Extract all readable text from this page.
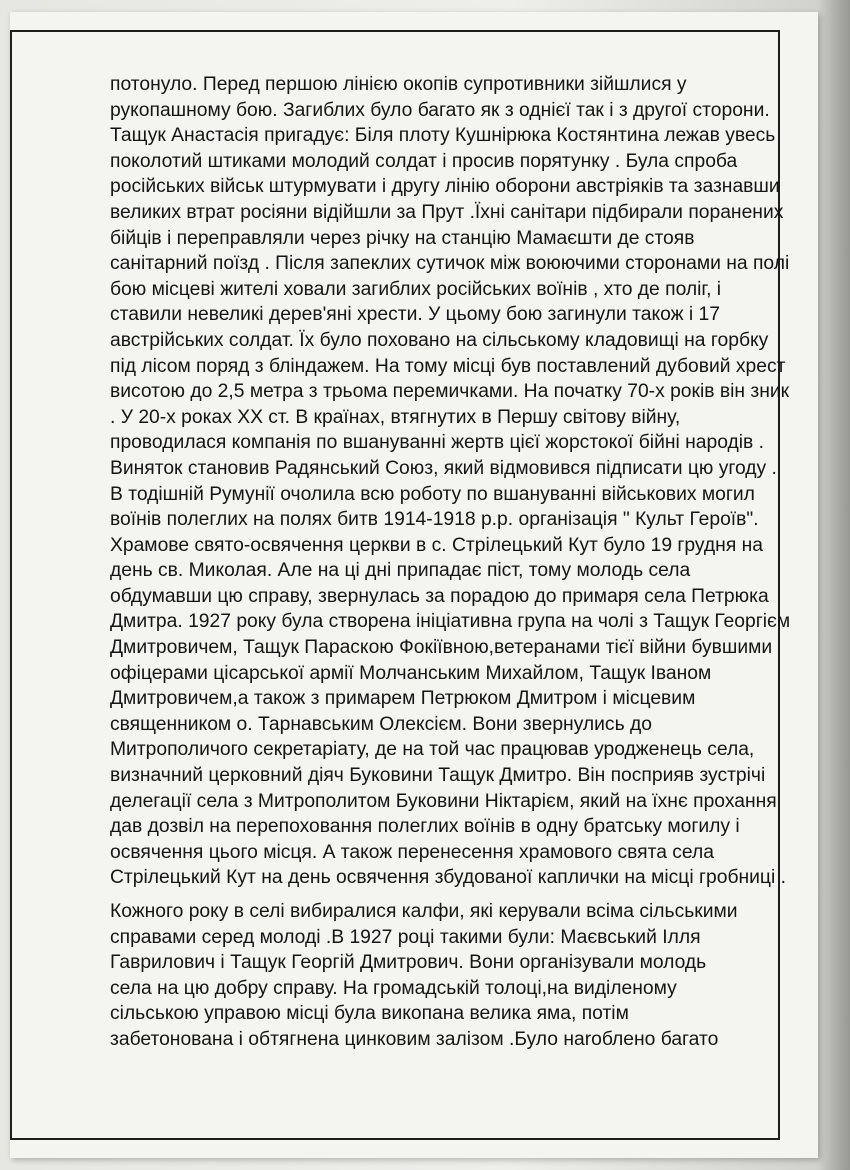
потонуло. Перед першою лінією окопів супротивники зійшлися у
рукопашному бою. Загиблих було багато як з однієї так і з другої сторони.
Тащук Анастасія пригадує: Біля плоту Кушнірюка Костянтина лежав увесь
поколотий штиками молодий солдат і просив порятунку . Була спроба
російських військ штурмувати і другу лінію оборони австріяків та зазнавши
великих втрат росіяни відійшли за Прут .Їхні санітари підбирали поранених
бійців і переправляли через річку на станцію Мамаєшти де стояв
санітарний поїзд . Після запеклих сутичок між воюючими сторонами на полі
бою місцеві жителі ховали загиблих російських воїнів , хто де поліг, і
ставили невеликі дерев'яні хрести. У цьому бою загинули також і 17
австрійських солдат. Їх було поховано на сільському кладовищі на горбку
під лісом поряд з бліндажем. На тому місці був поставлений дубовий хрест
висотою до 2,5 метра з трьома перемичками. На початку 70-х років він зник
. У 20-х роках ХХ ст. В країнах, втягнутих в Першу світову війну,
проводилася компанія по вшануванні жертв цієї жорстокої бійні народів .
Виняток становив Радянський Союз, який відмовився підписати цю угоду .
В тодішній Румунії очолила всю роботу по вшануванні військових могил
воїнів полеглих на полях битв 1914-1918 р.р. організація " Культ Героїв".
Храмове свято-освячення церкви в с. Стрілецький Кут було 19 грудня на
день св. Миколая. Але на ці дні припадає піст, тому молодь села
обдумавши цю справу, звернулась за порадою до примаря села Петрюка
Дмитра. 1927 року була створена ініціативна група на чолі з Тащук Георгієм
Дмитровичем, Тащук Параскою Фокіївною,ветеранами тієї війни бувшими
офіцерами цісарської армії Молчанським Михайлом, Тащук Іваном
Дмитровичем,а також з примарем Петрюком Дмитром і місцевим
священником о. Тарнавським Олексієм. Вони звернулись до
Митрополичого секретаріату, де на той час працював уродженець села,
визначний церковний діяч Буковини Тащук Дмитро. Він посприяв зустрічі
делегації села з Митрополитом Буковини Ніктарієм, який на їхнє прохання
дав дозвіл на перепоховання полеглих воїнів в одну братську могилу і
освячення цього місця. А також перенесення храмового свята села
Стрілецький Кут на день освячення збудованої каплички на місці гробниці .
Кожного року в селі вибиралися калфи, які керували всіма сільськими
справами серед молоді .В 1927 році такими були: Маєвський Ілля
Гаврилович і Тащук Георгій Дмитрович. Вони організували молодь
села на цю добру справу. На громадській толоці,на виділеному
сільською управою місці була викопана велика яма, потім
забетонована і обтягнена цинковим залізом .Було наroблено багато
